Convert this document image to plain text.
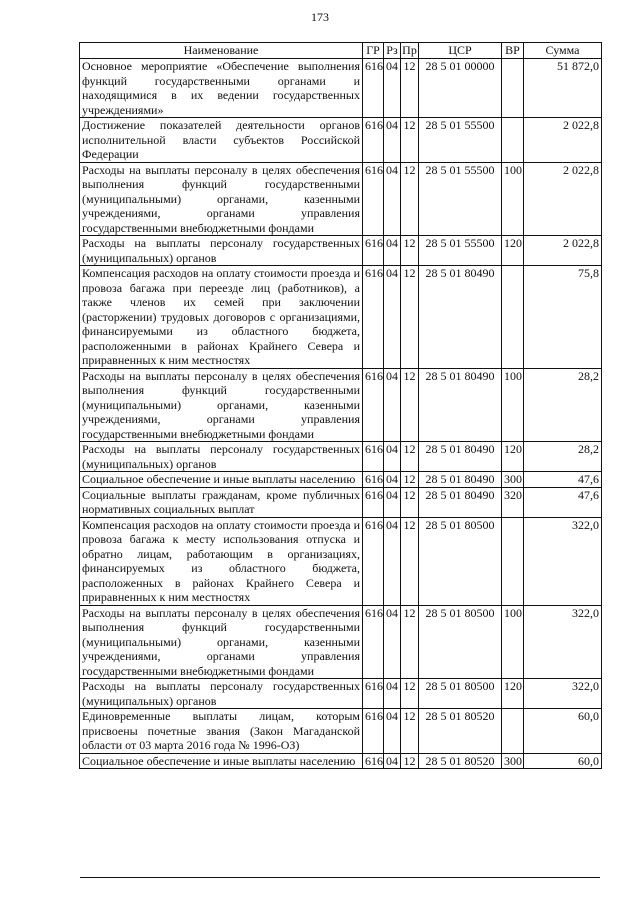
173
Наименование	ГР	Рз	Пр	ЦСР	ВР	Сумма
Основное мероприятие «Обеспечение выполнения функций государственными органами и находящимися в их ведении государственных учреждениями»	616	04	12	28 5 01 00000		51 872,0
Достижение показателей деятельности органов исполнительной власти субъектов Российской Федерации	616	04	12	28 5 01 55500		2 022,8
Расходы на выплаты персоналу в целях обеспечения выполнения функций государственными (муниципальными) органами, казенными учреждениями, органами управления государственными внебюджетными фондами	616	04	12	28 5 01 55500	100	2 022,8
Расходы на выплаты персоналу государственных (муниципальных) органов	616	04	12	28 5 01 55500	120	2 022,8
Компенсация расходов на оплату стоимости проезда и провоза багажа при переезде лиц (работников), а также членов их семей при заключении (расторжении) трудовых договоров с организациями, финансируемыми из областного бюджета, расположенными в районах Крайнего Севера и приравненных к ним местностях	616	04	12	28 5 01 80490		75,8
Расходы на выплаты персоналу в целях обеспечения выполнения функций государственными (муниципальными) органами, казенными учреждениями, органами управления государственными внебюджетными фондами	616	04	12	28 5 01 80490	100	28,2
Расходы на выплаты персоналу государственных (муниципальных) органов	616	04	12	28 5 01 80490	120	28,2
Социальное обеспечение и иные выплаты населению	616	04	12	28 5 01 80490	300	47,6
Социальные выплаты гражданам, кроме публичных нормативных социальных выплат	616	04	12	28 5 01 80490	320	47,6
Компенсация расходов на оплату стоимости проезда и провоза багажа к месту использования отпуска и обратно лицам, работающим в организациях, финансируемых из областного бюджета, расположенных в районах Крайнего Севера и приравненных к ним местностях	616	04	12	28 5 01 80500		322,0
Расходы на выплаты персоналу в целях обеспечения выполнения функций государственными (муниципальными) органами, казенными учреждениями, органами управления государственными внебюджетными фондами	616	04	12	28 5 01 80500	100	322,0
Расходы на выплаты персоналу государственных (муниципальных) органов	616	04	12	28 5 01 80500	120	322,0
Единовременные выплаты лицам, которым присвоены почетные звания (Закон Магаданской области от 03 марта 2016 года № 1996-ОЗ)	616	04	12	28 5 01 80520		60,0
Социальное обеспечение и иные выплаты населению	616	04	12	28 5 01 80520	300	60,0
